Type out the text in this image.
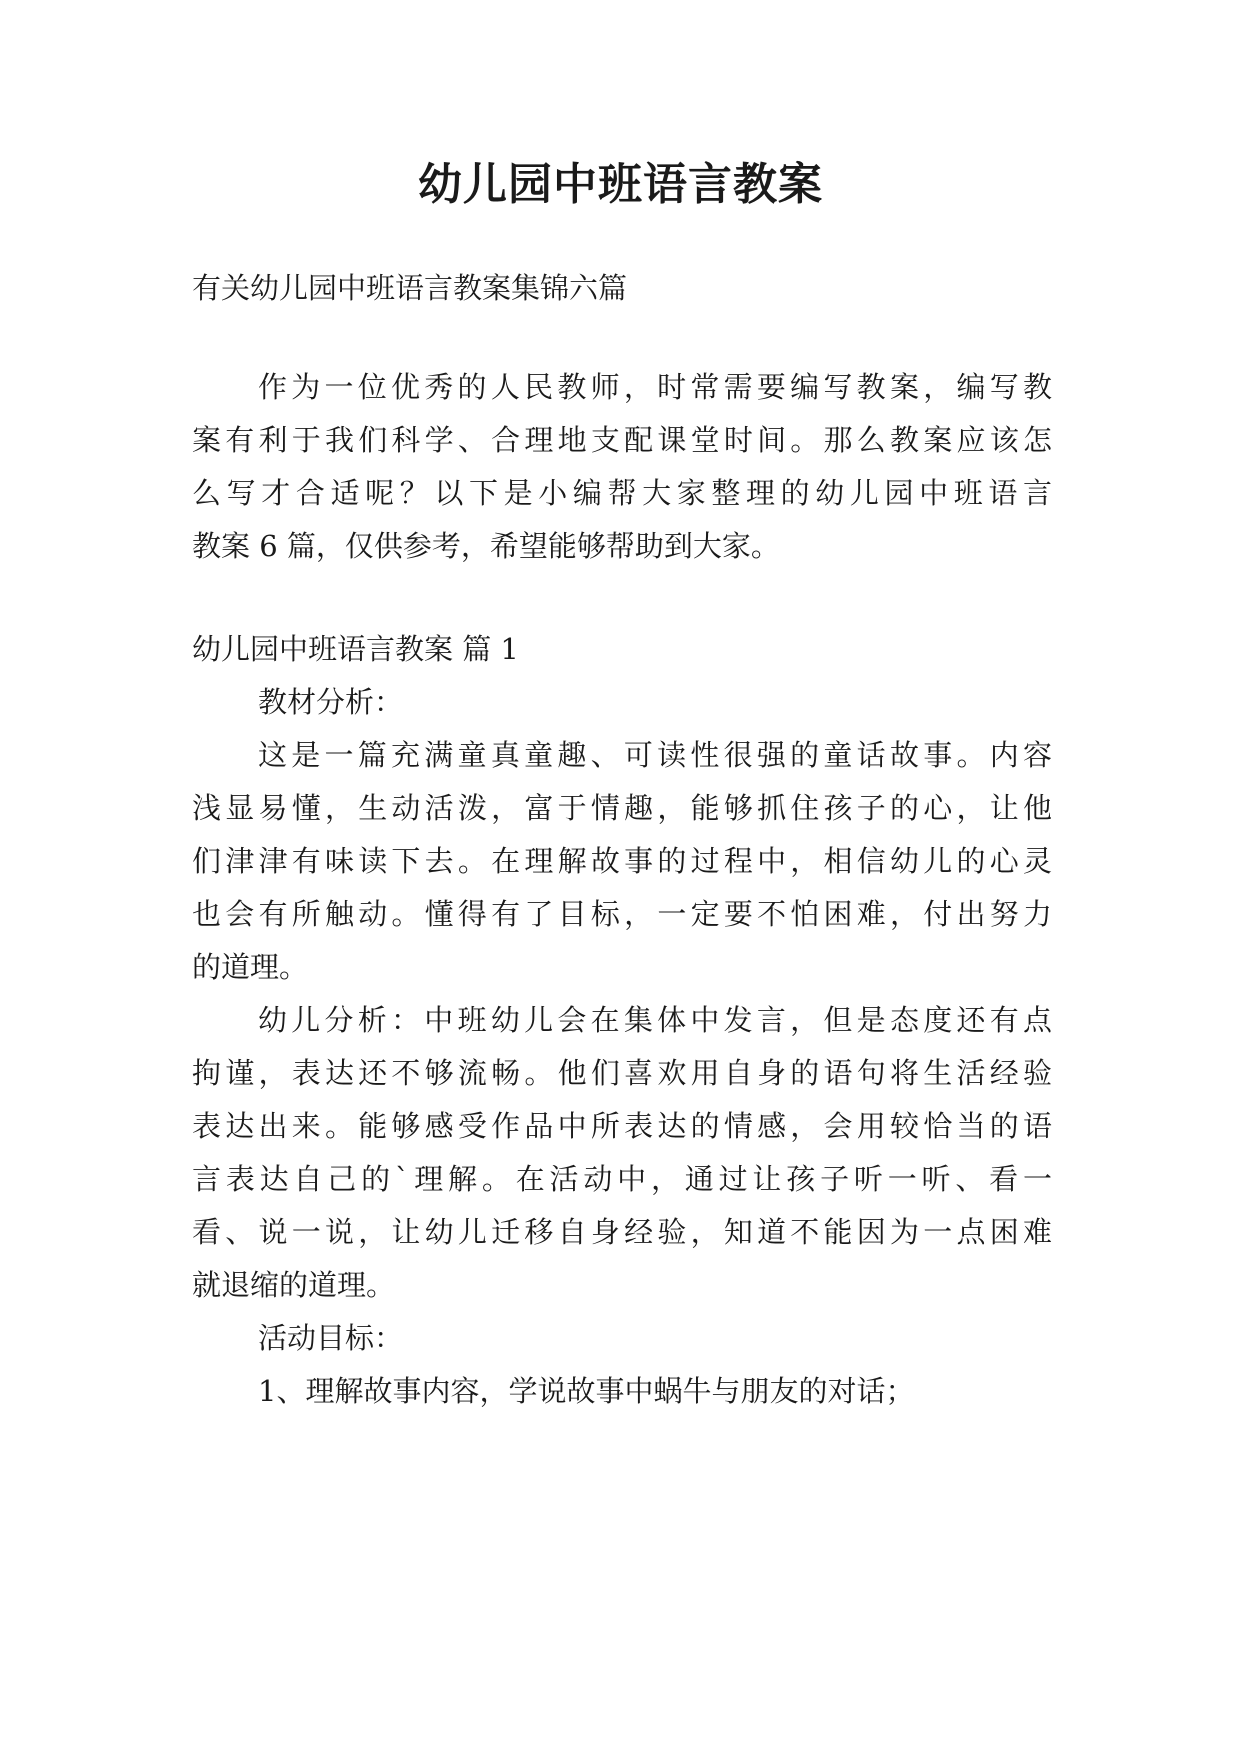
幼儿园中班语言教案

有关幼儿园中班语言教案集锦六篇

作为一位优秀的人民教师，时常需要编写教案，编写教

案有利于我们科学、合理地支配课堂时间。那么教案应该怎

么写才合适呢？以下是小编帮大家整理的幼儿园中班语言

教案 6 篇，仅供参考，希望能够帮助到大家。

幼儿园中班语言教案 篇 1

教材分析：

这是一篇充满童真童趣、可读性很强的童话故事。内容

浅显易懂，生动活泼，富于情趣，能够抓住孩子的心，让他

们津津有味读下去。在理解故事的过程中，相信幼儿的心灵

也会有所触动。懂得有了目标，一定要不怕困难，付出努力

的道理。

幼儿分析：中班幼儿会在集体中发言，但是态度还有点

拘谨，表达还不够流畅。他们喜欢用自身的语句将生活经验

表达出来。能够感受作品中所表达的情感，会用较恰当的语

言表达自己的`理解。在活动中，通过让孩子听一听、看一

看、说一说，让幼儿迁移自身经验，知道不能因为一点困难

就退缩的道理。

活动目标：

1、理解故事内容，学说故事中蜗牛与朋友的对话；
